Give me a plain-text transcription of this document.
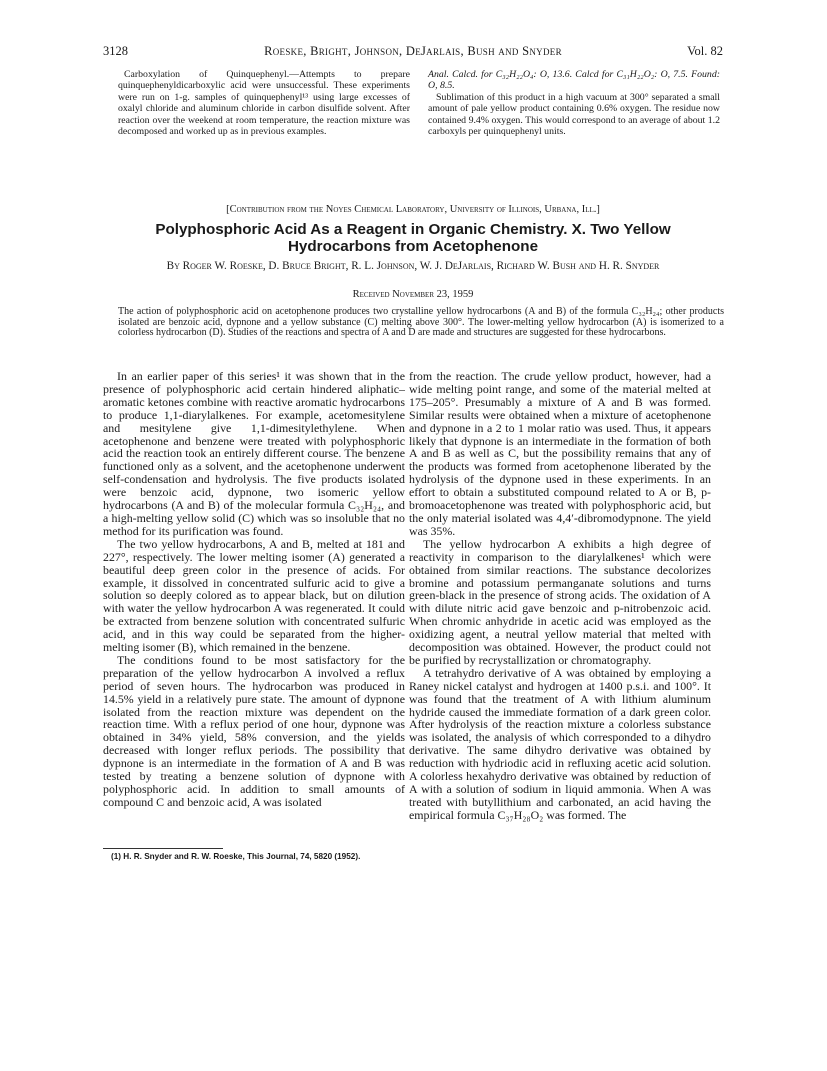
3128	Roeske, Bright, Johnson, DeJarlais, Bush and Snyder	Vol. 82
Carboxylation of Quinquephenyl.—Attempts to prepare quinquephenyldicarboxylic acid were unsuccessful. These experiments were run on 1-g. samples of quinquephenyl¹³ using large excesses of oxalyl chloride and aluminum chloride in carbon disulfide solvent. After reaction over the weekend at room temperature, the reaction mixture was decomposed and worked up as in previous examples.

Anal. Calcd. for C₃₂H₂₂O₄: O, 13.6. Calcd for C₃₁H₂₂O₂: O, 7.5. Found: O, 8.5.

Sublimation of this product in a high vacuum at 300° separated a small amount of pale yellow product containing 0.6% oxygen. The residue now contained 9.4% oxygen. This would correspond to an average of about 1.2 carboxyls per quinquephenyl units.

[Contribution from the Noyes Chemical Laboratory, University of Illinois, Urbana, Ill.]
Polyphosphoric Acid As a Reagent in Organic Chemistry. X. Two Yellow
Hydrocarbons from Acetophenone
By Roger W. Roeske, D. Bruce Bright, R. L. Johnson, W. J. DeJarlais, Richard W. Bush and H. R. Snyder
Received November 23, 1959
The action of polyphosphoric acid on acetophenone produces two crystalline yellow hydrocarbons (A and B) of the formula C₃₂H₂₄; other products isolated are benzoic acid, dypnone and a yellow substance (C) melting above 300°. The lower-melting yellow hydrocarbon (A) is isomerized to a colorless hydrocarbon (D). Studies of the reactions and spectra of A and D are made and structures are suggested for these hydrocarbons.

In an earlier paper of this series¹ it was shown that in the presence of polyphosphoric acid certain hindered aliphatic–aromatic ketones combine with reactive aromatic hydrocarbons to produce 1,1-diarylalkenes. For example, acetomesitylene and mesitylene give 1,1-dimesitylethylene. When acetophenone and benzene were treated with polyphosphoric acid the reaction took an entirely different course. The benzene functioned only as a solvent, and the acetophenone underwent self-condensation and hydrolysis. The five products isolated were benzoic acid, dypnone, two isomeric yellow hydrocarbons (A and B) of the molecular formula C₃₂H₂₄, and a high-melting yellow solid (C) which was so insoluble that no method for its purification was found.

The two yellow hydrocarbons, A and B, melted at 181 and 227°, respectively. The lower melting isomer (A) generated a beautiful deep green color in the presence of acids. For example, it dissolved in concentrated sulfuric acid to give a solution so deeply colored as to appear black, but on dilution with water the yellow hydrocarbon A was regenerated. It could be extracted from benzene solution with concentrated sulfuric acid, and in this way could be separated from the higher-melting isomer (B), which remained in the benzene.

The conditions found to be most satisfactory for the preparation of the yellow hydrocarbon A involved a reflux period of seven hours. The hydrocarbon was produced in 14.5% yield in a relatively pure state. The amount of dypnone isolated from the reaction mixture was dependent on the reaction time. With a reflux period of one hour, dypnone was obtained in 34% yield, 58% conversion, and the yields decreased with longer reflux periods. The possibility that dypnone is an intermediate in the formation of A and B was tested by treating a benzene solution of dypnone with polyphosphoric acid. In addition to small amounts of compound C and benzoic acid, A was isolated

from the reaction. The crude yellow product, however, had a wide melting point range, and some of the material melted at 175–205°. Presumably a mixture of A and B was formed. Similar results were obtained when a mixture of acetophenone and dypnone in a 2 to 1 molar ratio was used. Thus, it appears likely that dypnone is an intermediate in the formation of both A and B as well as C, but the possibility remains that any of the products was formed from acetophenone liberated by the hydrolysis of the dypnone used in these experiments. In an effort to obtain a substituted compound related to A or B, p-bromoacetophenone was treated with polyphosphoric acid, but the only material isolated was 4,4′-dibromodypnone. The yield was 35%.

The yellow hydrocarbon A exhibits a high degree of reactivity in comparison to the diarylalkenes¹ which were obtained from similar reactions. The substance decolorizes bromine and potassium permanganate solutions and turns green-black in the presence of strong acids. The oxidation of A with dilute nitric acid gave benzoic and p-nitrobenzoic acid. When chromic anhydride in acetic acid was employed as the oxidizing agent, a neutral yellow material that melted with decomposition was obtained. However, the product could not be purified by recrystallization or chromatography.

A tetrahydro derivative of A was obtained by employing a Raney nickel catalyst and hydrogen at 1400 p.s.i. and 100°. It was found that the treatment of A with lithium aluminum hydride caused the immediate formation of a dark green color. After hydrolysis of the reaction mixture a colorless substance was isolated, the analysis of which corresponded to a dihydro derivative. The same dihydro derivative was obtained by reduction with hydriodic acid in refluxing acetic acid solution. A colorless hexahydro derivative was obtained by reduction of A with a solution of sodium in liquid ammonia. When A was treated with butyllithium and carbonated, an acid having the empirical formula C₃₇H₂₈O₂ was formed. The

(1) H. R. Snyder and R. W. Roeske, This Journal, 74, 5820 (1952).
